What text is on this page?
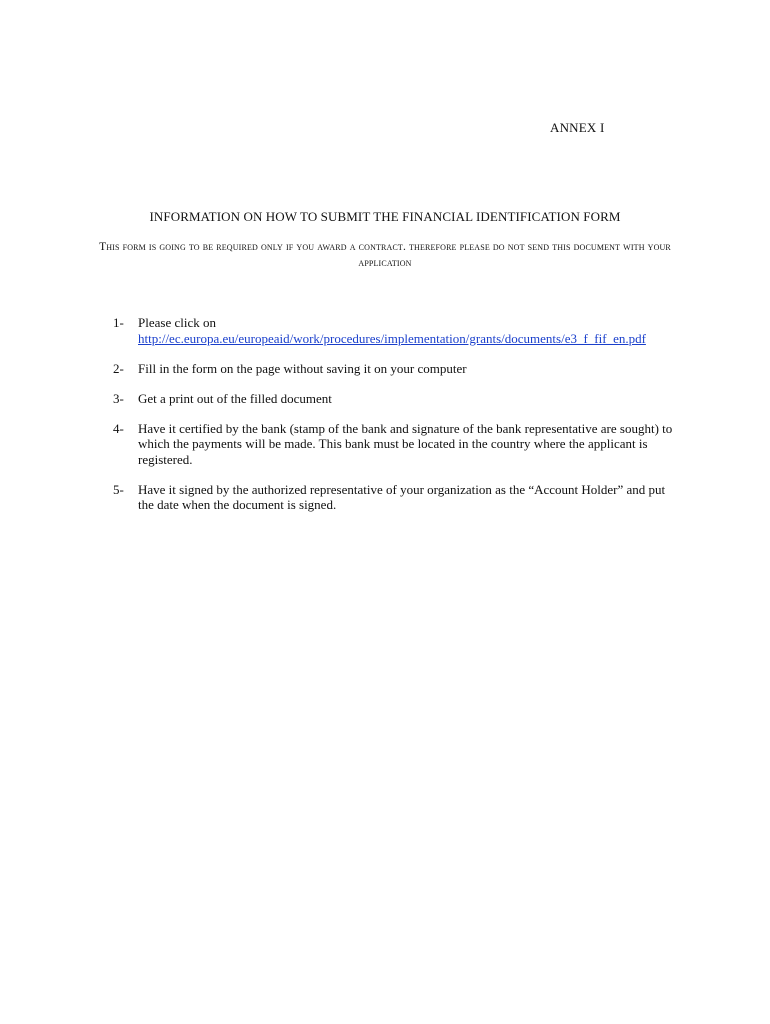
ANNEX I
INFORMATION ON HOW TO SUBMIT THE FINANCIAL IDENTIFICATION FORM
This form is going to be required only if you award a contract. therefore please do not send this document with your application
1-	Please click on
http://ec.europa.eu/europeaid/work/procedures/implementation/grants/documents/e3_f_fif_en.pdf
2-	Fill in the form on the page without saving it on your computer
3-	Get a print out of the filled document
4-	Have it certified by the bank (stamp of the bank and signature of the bank representative are sought) to which the payments will be made. This bank must be located in the country where the applicant is registered.
5-	Have it signed by the authorized representative of your organization as the “Account Holder” and put the date when the document is signed.
